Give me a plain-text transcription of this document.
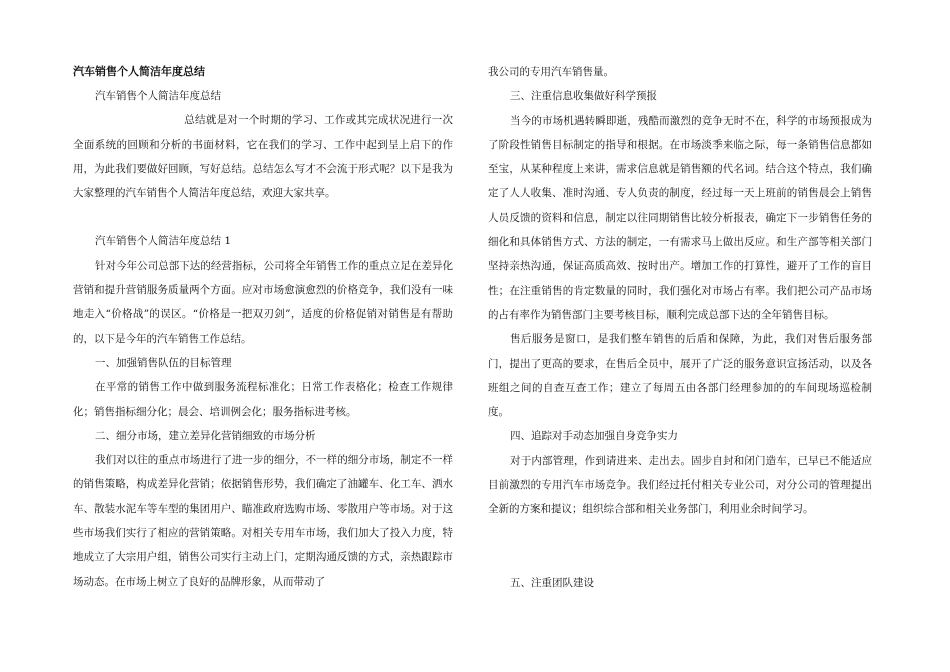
汽车销售个人简洁年度总结

汽车销售个人简洁年度总结

总结就是对一个时期的学习、工作或其完成状况进行一次全面系统的回顾和分析的书面材料，它在我们的学习、工作中起到呈上启下的作用，为此我们要做好回顾，写好总结。总结怎么写才不会流于形式呢？以下是我为大家整理的汽车销售个人简洁年度总结，欢迎大家共享。

汽车销售个人简洁年度总结 1

针对今年公司总部下达的经营指标，公司将全年销售工作的重点立足在差异化营销和提升营销服务质量两个方面。应对市场愈演愈烈的价格竞争，我们没有一味地走入“价格战”的误区。“价格是一把双刃剑”，适度的价格促销对销售是有帮助的，以下是今年的汽车销售工作总结。

一、加强销售队伍的目标管理

在平常的销售工作中做到服务流程标准化；日常工作表格化；检查工作规律化；销售指标细分化；晨会、培训例会化；服务指标进考核。

二、细分市场，建立差异化营销细致的市场分析

我们对以往的重点市场进行了进一步的细分，不一样的细分市场，制定不一样的销售策略，构成差异化营销；依据销售形势，我们确定了油罐车、化工车、洒水车、散装水泥车等车型的集团用户、瞄准政府选购市场、零散用户等市场。对于这些市场我们实行了相应的营销策略。对相关专用车市场，我们加大了投入力度，特地成立了大宗用户组，销售公司实行主动上门，定期沟通反馈的方式，亲热跟踪市场动态。在市场上树立了良好的品牌形象，从而带动了

我公司的专用汽车销售量。

三、注重信息收集做好科学预报

当今的市场机遇转瞬即逝，残酷而激烈的竞争无时不在，科学的市场预报成为了阶段性销售目标制定的指导和根据。在市场淡季来临之际，每一条销售信息都如至宝，从某种程度上来讲，需求信息就是销售额的代名词。结合这个特点，我们确定了人人收集、准时沟通、专人负责的制度，经过每一天上班前的销售晨会上销售人员反馈的资料和信息，制定以往同期销售比较分析报表，确定下一步销售任务的细化和具体销售方式、方法的制定，一有需求马上做出反应。和生产部等相关部门坚持亲热沟通，保证高质高效、按时出产。增加工作的打算性，避开了工作的盲目性；在注重销售的肯定数量的同时，我们强化对市场占有率。我们把公司产品市场的占有率作为销售部门主要考核目标，顺利完成总部下达的全年销售目标。

售后服务是窗口，是我们整车销售的后盾和保障，为此，我们对售后服务部门，提出了更高的要求，在售后全员中，展开了广泛的服务意识宣扬活动，以及各班组之间的自查互查工作；建立了每周五由各部门经理参加的的车间现场巡检制度。

四、追踪对手动态加强自身竞争实力

对于内部管理，作到请进来、走出去。固步自封和闭门造车，已早已不能适应目前激烈的专用汽车市场竞争。我们经过托付相关专业公司，对分公司的管理提出全新的方案和提议；组织综合部和相关业务部门，利用业余时间学习。

五、注重团队建设
